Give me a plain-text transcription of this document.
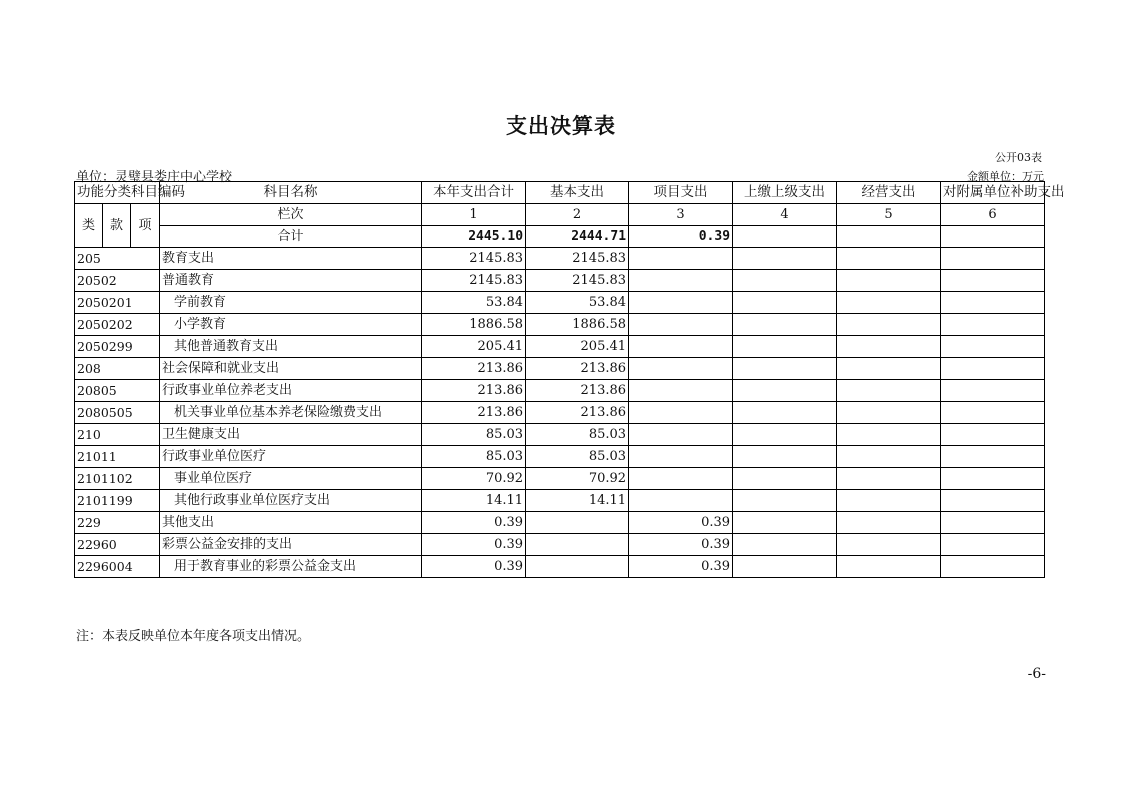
支出决算表
公开03表
单位：灵璧县娄庄中心学校	金额单位：万元
功能分类科目编码			科目名称	本年支出合计	基本支出	项目支出	上缴上级支出	经营支出	对附属单位补助支出
类	款	项	栏次	1	2	3	4	5	6
			合计	2445.10	2444.71	0.39			
205			教育支出	2145.83	2145.83				
20502			普通教育	2145.83	2145.83				
2050201			学前教育	53.84	53.84				
2050202			小学教育	1886.58	1886.58				
2050299			其他普通教育支出	205.41	205.41				
208			社会保障和就业支出	213.86	213.86				
20805			行政事业单位养老支出	213.86	213.86				
2080505			机关事业单位基本养老保险缴费支出	213.86	213.86				
210			卫生健康支出	85.03	85.03				
21011			行政事业单位医疗	85.03	85.03				
2101102			事业单位医疗	70.92	70.92				
2101199			其他行政事业单位医疗支出	14.11	14.11				
229			其他支出	0.39		0.39			
22960			彩票公益金安排的支出	0.39		0.39			
2296004			用于教育事业的彩票公益金支出	0.39		0.39			
注：本表反映单位本年度各项支出情况。
-6-
